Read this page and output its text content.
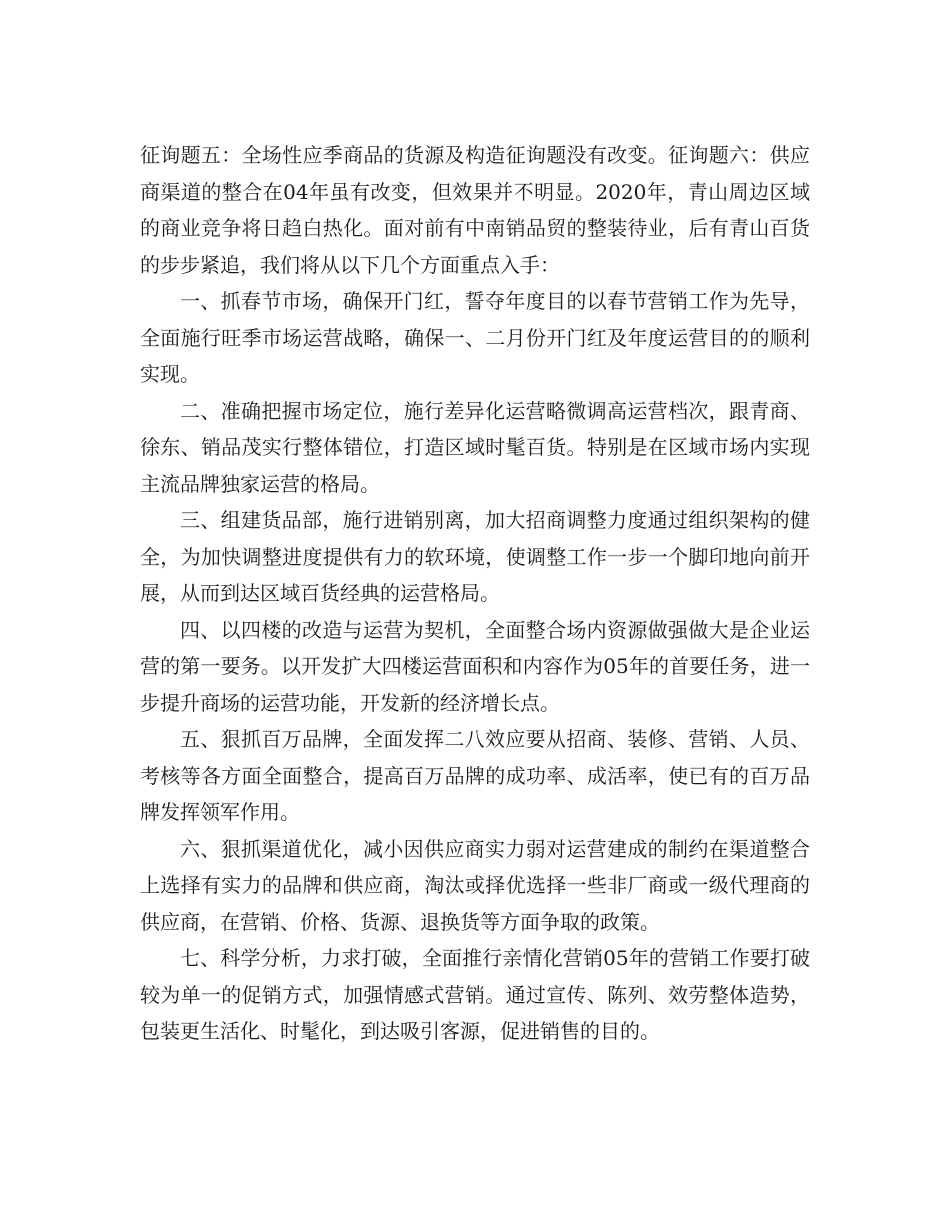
征询题五：全场性应季商品的货源及构造征询题没有改变。征询题六：供应商渠道的整合在04年虽有改变，但效果并不明显。2020年，青山周边区域的商业竞争将日趋白热化。面对前有中南销品贸的整装待业，后有青山百货的步步紧追，我们将从以下几个方面重点入手：

一、抓春节市场，确保开门红，誓夺年度目的以春节营销工作为先导，全面施行旺季市场运营战略，确保一、二月份开门红及年度运营目的的顺利实现。

二、准确把握市场定位，施行差异化运营略微调高运营档次，跟青商、徐东、销品茂实行整体错位，打造区域时髦百货。特别是在区域市场内实现主流品牌独家运营的格局。

三、组建货品部，施行进销别离，加大招商调整力度通过组织架构的健全，为加快调整进度提供有力的软环境，使调整工作一步一个脚印地向前开展，从而到达区域百货经典的运营格局。

四、以四楼的改造与运营为契机，全面整合场内资源做强做大是企业运营的第一要务。以开发扩大四楼运营面积和内容作为05年的首要任务，进一步提升商场的运营功能，开发新的经济增长点。

五、狠抓百万品牌，全面发挥二八效应要从招商、装修、营销、人员、考核等各方面全面整合，提高百万品牌的成功率、成活率，使已有的百万品牌发挥领军作用。

六、狠抓渠道优化，减小因供应商实力弱对运营建成的制约在渠道整合上选择有实力的品牌和供应商，淘汰或择优选择一些非厂商或一级代理商的供应商，在营销、价格、货源、退换货等方面争取的政策。

七、科学分析，力求打破，全面推行亲情化营销05年的营销工作要打破较为单一的促销方式，加强情感式营销。通过宣传、陈列、效劳整体造势，包装更生活化、时髦化，到达吸引客源，促进销售的目的。
